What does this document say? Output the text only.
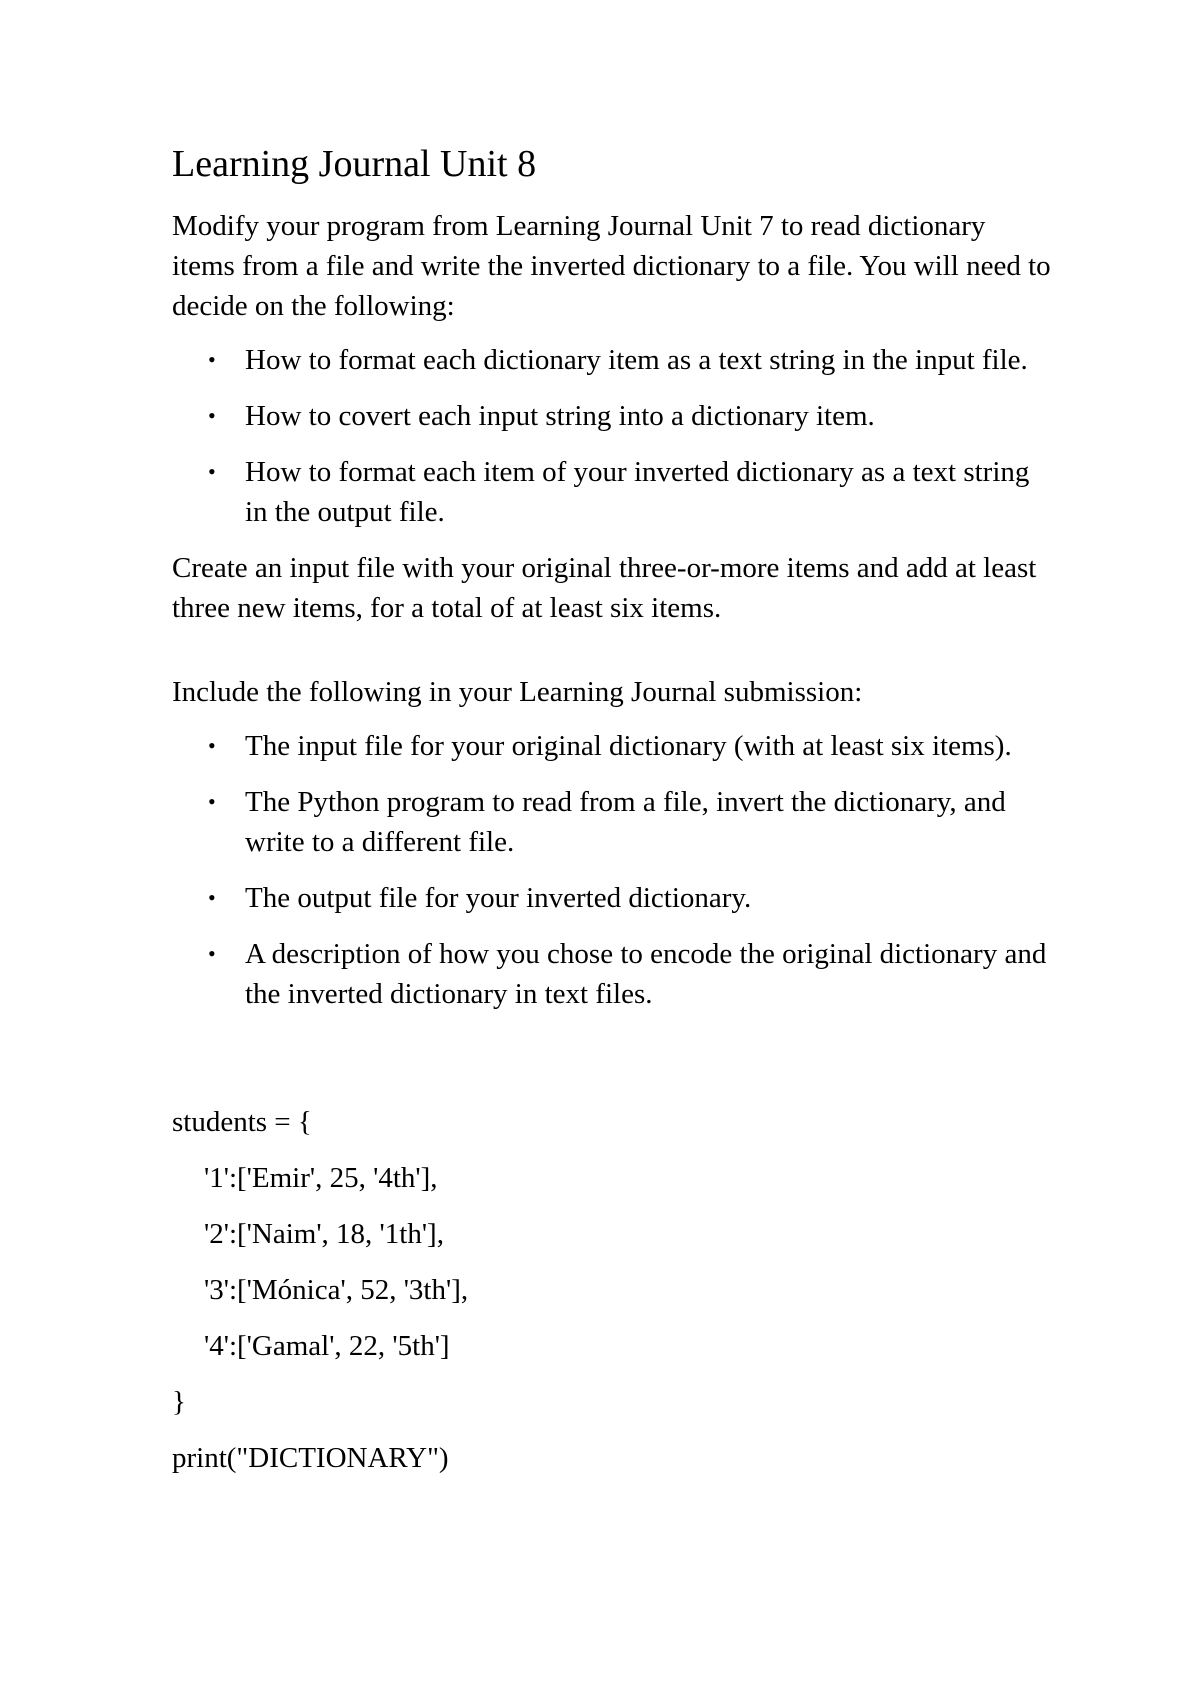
Learning Journal Unit 8

Modify your program from Learning Journal Unit 7 to read dictionary items from a file and write the inverted dictionary to a file. You will need to decide on the following:

• How to format each dictionary item as a text string in the input file.
• How to covert each input string into a dictionary item.
• How to format each item of your inverted dictionary as a text string in the output file.

Create an input file with your original three-or-more items and add at least three new items, for a total of at least six items.

Include the following in your Learning Journal submission:

• The input file for your original dictionary (with at least six items).
• The Python program to read from a file, invert the dictionary, and write to a different file.
• The output file for your inverted dictionary.
• A description of how you chose to encode the original dictionary and the inverted dictionary in text files.

students = {

'1':['Emir', 25, '4th'],

'2':['Naim', 18, '1th'],

'3':['Mónica', 52, '3th'],

'4':['Gamal', 22, '5th']

}

print("DICTIONARY")
